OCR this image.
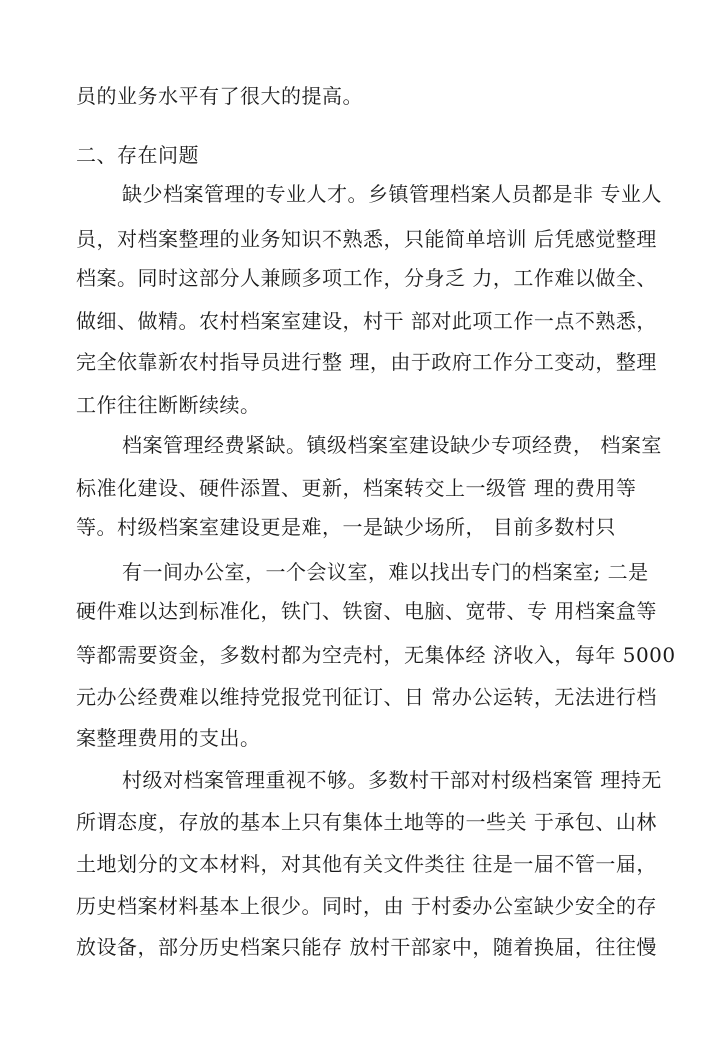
员的业务水平有了很大的提高。

二、存在问题

缺少档案管理的专业人才。乡镇管理档案人员都是非 专业人

员，对档案整理的业务知识不熟悉，只能简单培训 后凭感觉整理

档案。同时这部分人兼顾多项工作，分身乏 力，工作难以做全、

做细、做精。农村档案室建设，村干 部对此项工作一点不熟悉，

完全依靠新农村指导员进行整 理，由于政府工作分工变动，整理

工作往往断断续续。

档案管理经费紧缺。镇级档案室建设缺少专项经费， 档案室

标准化建设、硬件添置、更新，档案转交上一级管 理的费用等

等。村级档案室建设更是难，一是缺少场所， 目前多数村只

有一间办公室，一个会议室，难以找出专门的档案室; 二是

硬件难以达到标准化，铁门、铁窗、电脑、宽带、专 用档案盒等

等都需要资金，多数村都为空壳村，无集体经 济收入，每年 5000

元办公经费难以维持党报党刊征订、日 常办公运转，无法进行档

案整理费用的支出。

村级对档案管理重视不够。多数村干部对村级档案管 理持无

所谓态度，存放的基本上只有集体土地等的一些关 于承包、山林

土地划分的文本材料，对其他有关文件类往 往是一届不管一届，

历史档案材料基本上很少。同时，由 于村委办公室缺少安全的存

放设备，部分历史档案只能存 放村干部家中，随着换届，往往慢
